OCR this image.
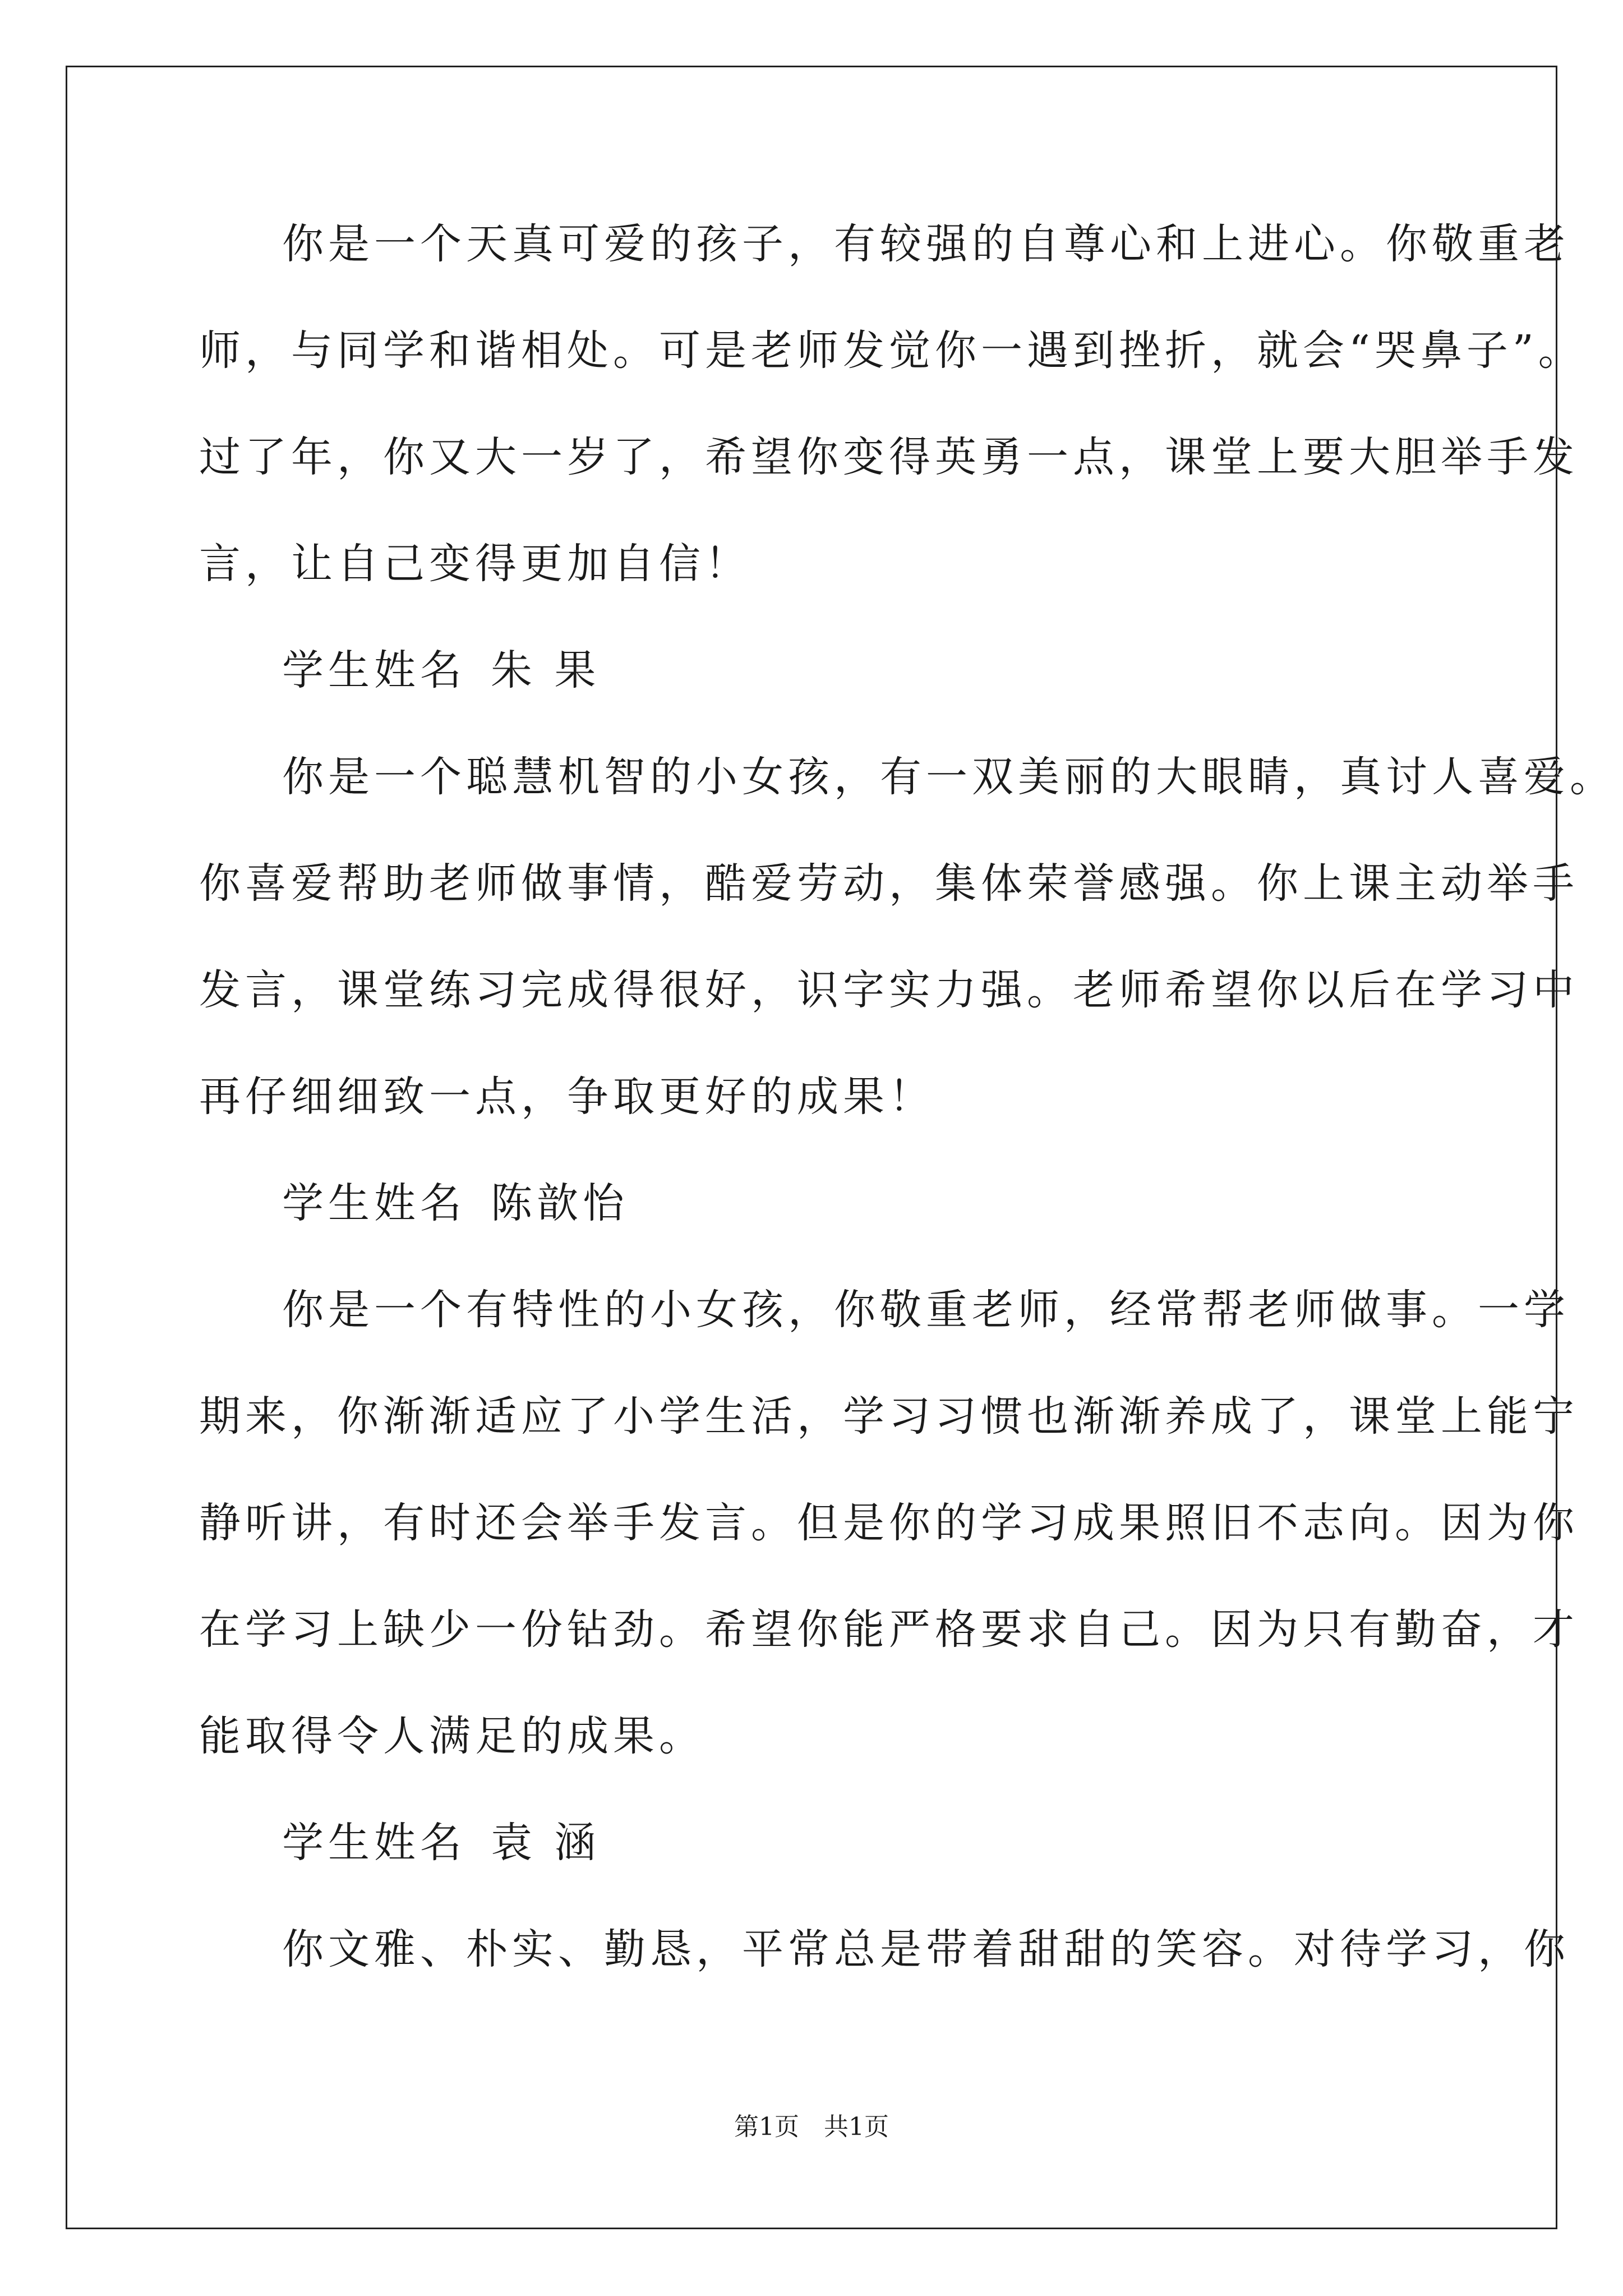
你是一个天真可爱的孩子，有较强的自尊心和上进心。你敬重老
师，与同学和谐相处。可是老师发觉你一遇到挫折，就会“哭鼻子”。
过了年，你又大一岁了，希望你变得英勇一点，课堂上要大胆举手发
言，让自己变得更加自信！
学生姓名 朱 果
你是一个聪慧机智的小女孩，有一双美丽的大眼睛，真讨人喜爱。
你喜爱帮助老师做事情，酷爱劳动，集体荣誉感强。你上课主动举手
发言，课堂练习完成得很好，识字实力强。老师希望你以后在学习中
再仔细细致一点，争取更好的成果！
学生姓名 陈歆怡
你是一个有特性的小女孩，你敬重老师，经常帮老师做事。一学
期来，你渐渐适应了小学生活，学习习惯也渐渐养成了，课堂上能宁
静听讲，有时还会举手发言。但是你的学习成果照旧不志向。因为你
在学习上缺少一份钻劲。希望你能严格要求自己。因为只有勤奋，才
能取得令人满足的成果。
学生姓名 袁 涵
你文雅、朴实、勤恳，平常总是带着甜甜的笑容。对待学习，你
第1页 共1页
